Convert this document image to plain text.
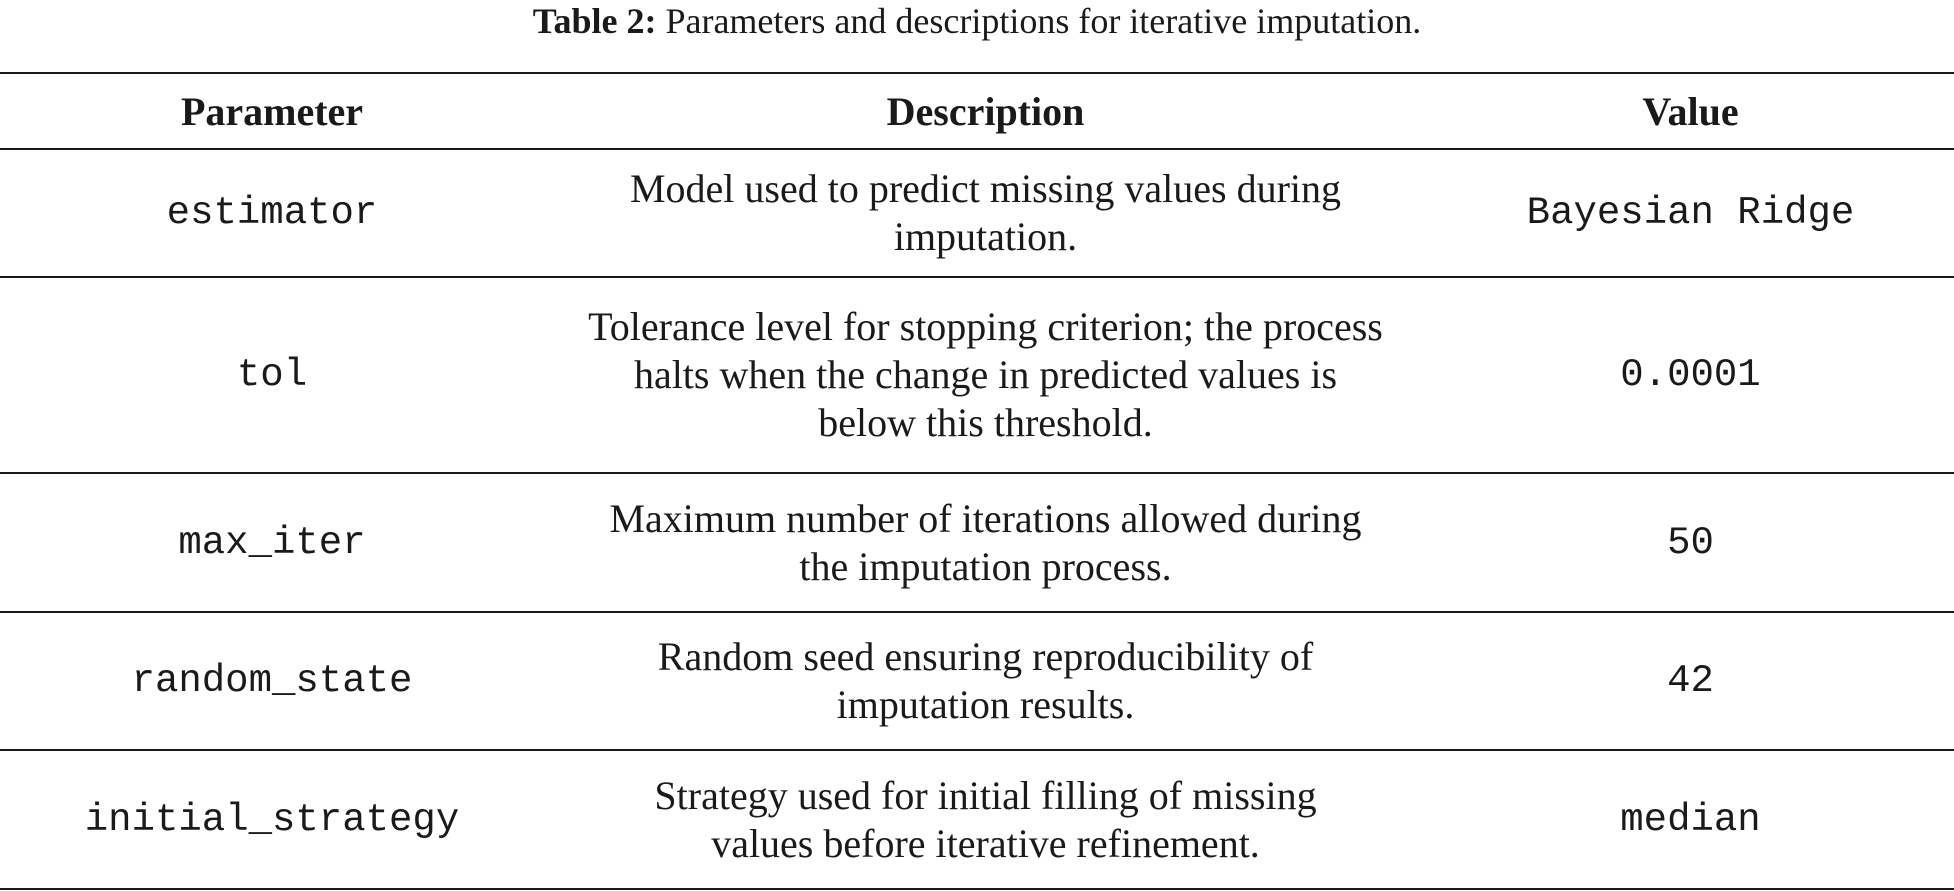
Table 2: Parameters and descriptions for iterative imputation.
Parameter	Description	Value
estimator	Model used to predict missing values during imputation.	Bayesian Ridge
tol	Tolerance level for stopping criterion; the process halts when the change in predicted values is below this threshold.	0.0001
max_iter	Maximum number of iterations allowed during the imputation process.	50
random_state	Random seed ensuring reproducibility of imputation results.	42
initial_strategy	Strategy used for initial filling of missing values before iterative refinement.	median
